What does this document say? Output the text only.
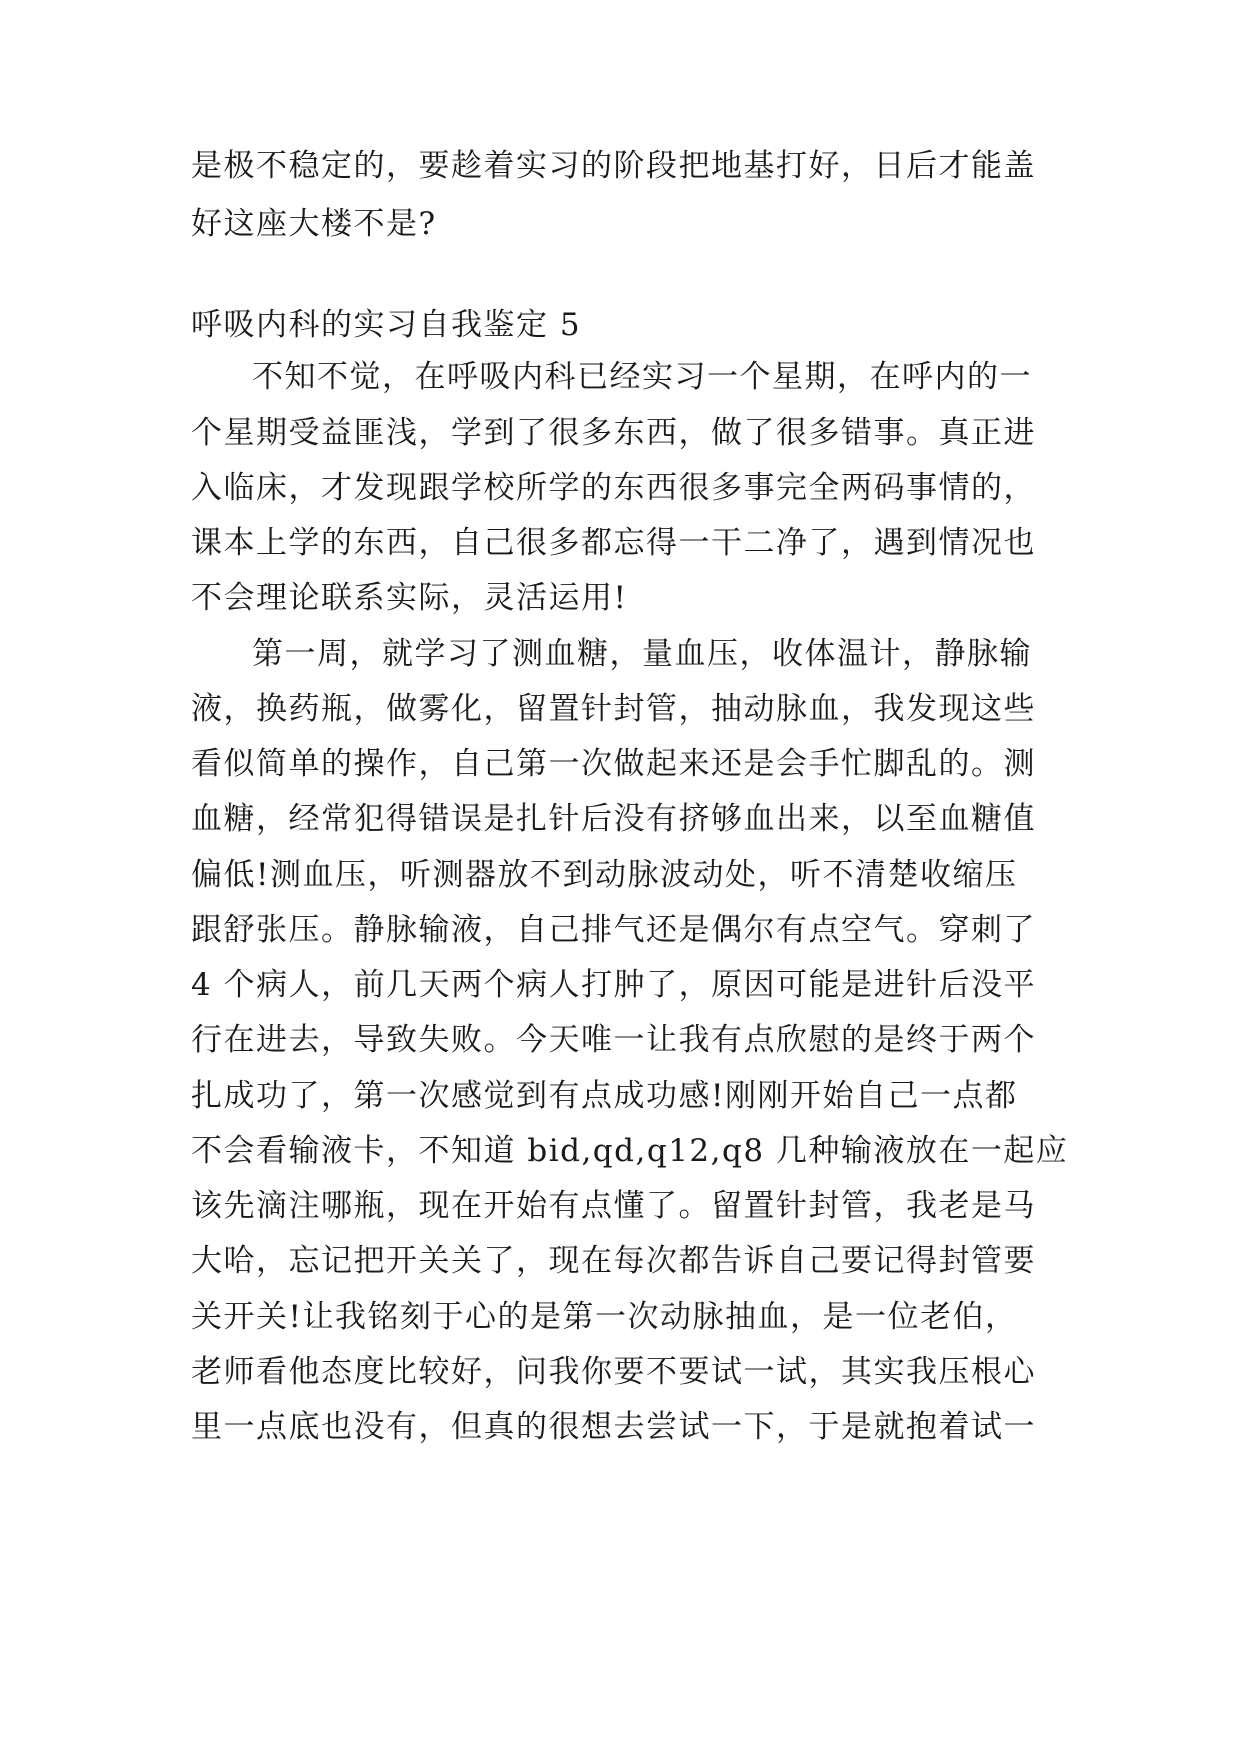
是极不稳定的，要趁着实习的阶段把地基打好，日后才能盖
好这座大楼不是?
呼吸内科的实习自我鉴定 5
不知不觉，在呼吸内科已经实习一个星期，在呼内的一
个星期受益匪浅，学到了很多东西，做了很多错事。真正进
入临床，才发现跟学校所学的东西很多事完全两码事情的，
课本上学的东西，自己很多都忘得一干二净了，遇到情况也
不会理论联系实际，灵活运用!
第一周，就学习了测血糖，量血压，收体温计，静脉输
液，换药瓶，做雾化，留置针封管，抽动脉血，我发现这些
看似简单的操作，自己第一次做起来还是会手忙脚乱的。测
血糖，经常犯得错误是扎针后没有挤够血出来，以至血糖值
偏低!测血压，听测器放不到动脉波动处，听不清楚收缩压
跟舒张压。静脉输液，自己排气还是偶尔有点空气。穿刺了
4 个病人，前几天两个病人打肿了，原因可能是进针后没平
行在进去，导致失败。今天唯一让我有点欣慰的是终于两个
扎成功了，第一次感觉到有点成功感!刚刚开始自己一点都
不会看输液卡，不知道 bid,qd,q12,q8 几种输液放在一起应
该先滴注哪瓶，现在开始有点懂了。留置针封管，我老是马
大哈，忘记把开关关了，现在每次都告诉自己要记得封管要
关开关!让我铭刻于心的是第一次动脉抽血，是一位老伯，
老师看他态度比较好，问我你要不要试一试，其实我压根心
里一点底也没有，但真的很想去尝试一下，于是就抱着试一
